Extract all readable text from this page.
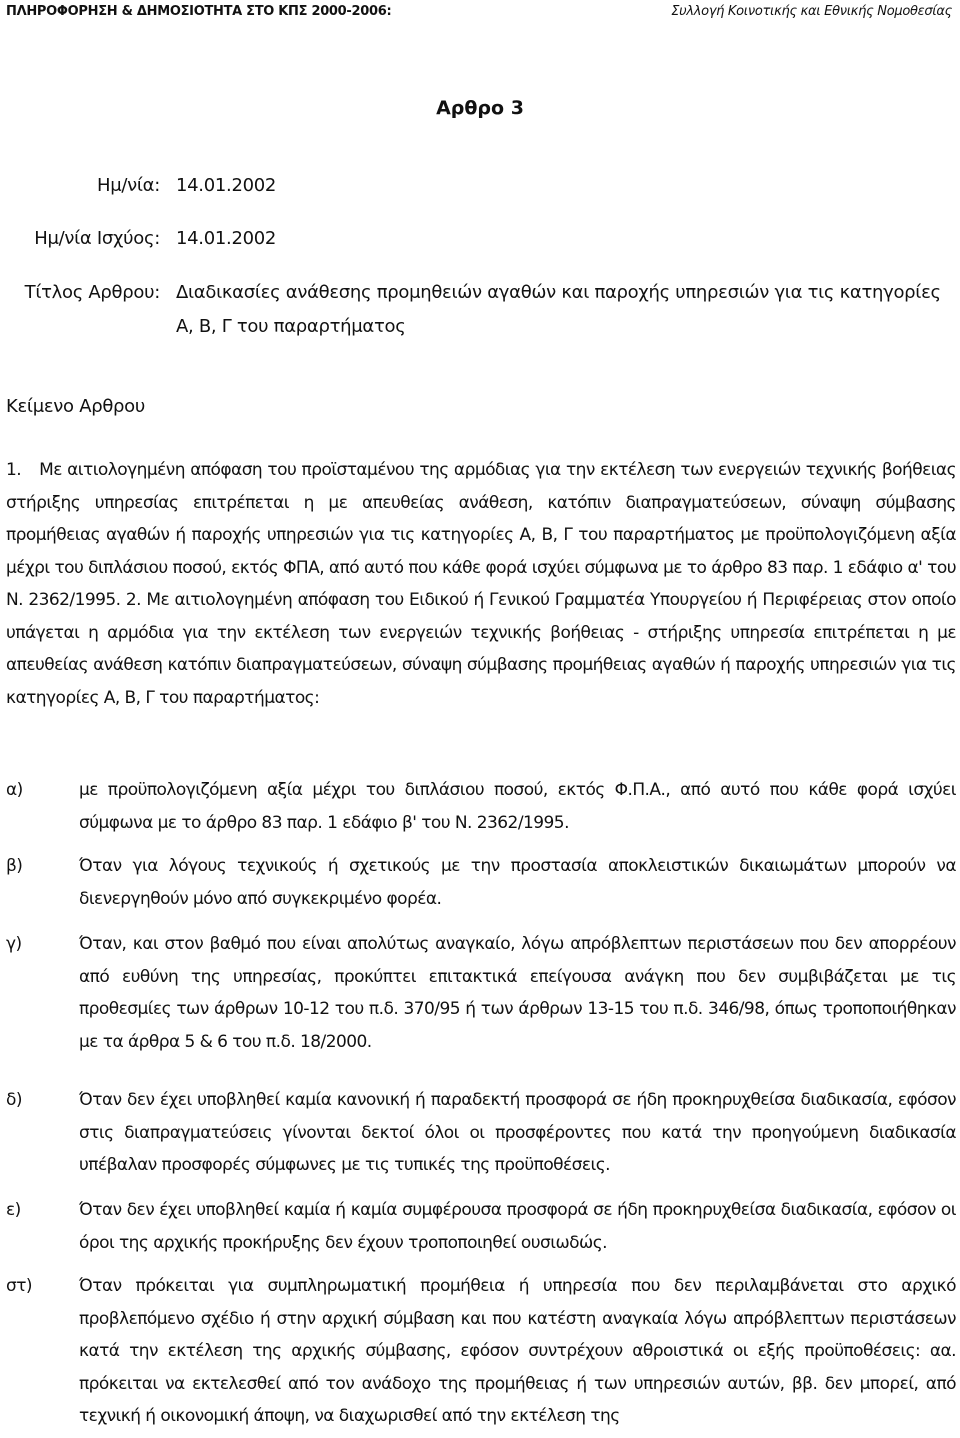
ΠΛΗΡΟΦΟΡΗΣΗ & ΔΗΜΟΣΙΟΤΗΤΑ ΣΤΟ ΚΠΣ 2000-2006:	Συλλογή Κοινοτικής και Εθνικής Νομοθεσίας
Αρθρο 3
Ημ/νία: 14.01.2002
Ημ/νία Ισχύος: 14.01.2002
Τίτλος Αρθρου: Διαδικασίες ανάθεσης προμηθειών αγαθών και παροχής υπηρεσιών για τις κατηγορίες Α, Β, Γ του παραρτήματος
Κείμενο Αρθρου
1. Με αιτιολογημένη απόφαση του προϊσταμένου της αρμόδιας για την εκτέλεση των ενεργειών τεχνικής βοήθειας στήριξης υπηρεσίας επιτρέπεται η με απευθείας ανάθεση, κατόπιν διαπραγματεύσεων, σύναψη σύμβασης προμήθειας αγαθών ή παροχής υπηρεσιών για τις κατηγορίες Α, Β, Γ του παραρτήματος με προϋπολογιζόμενη αξία μέχρι του διπλάσιου ποσού, εκτός ΦΠΑ, από αυτό που κάθε φορά ισχύει σύμφωνα με το άρθρο 83 παρ. 1 εδάφιο α' του Ν. 2362/1995. 2. Με αιτιολογημένη απόφαση του Ειδικού ή Γενικού Γραμματέα Υπουργείου ή Περιφέρειας στον οποίο υπάγεται η αρμόδια για την εκτέλεση των ενεργειών τεχνικής βοήθειας - στήριξης υπηρεσία επιτρέπεται η με απευθείας ανάθεση κατόπιν διαπραγματεύσεων, σύναψη σύμβασης προμήθειας αγαθών ή παροχής υπηρεσιών για τις κατηγορίες Α, Β, Γ του παραρτήματος:
α)	με προϋπολογιζόμενη αξία μέχρι του διπλάσιου ποσού, εκτός Φ.Π.Α., από αυτό που κάθε φορά ισχύει σύμφωνα με το άρθρο 83 παρ. 1 εδάφιο β' του Ν. 2362/1995.
β)	Όταν για λόγους τεχνικούς ή σχετικούς με την προστασία αποκλειστικών δικαιωμάτων μπορούν να διενεργηθούν μόνο από συγκεκριμένο φορέα.
γ)	Όταν, και στον βαθμό που είναι απολύτως αναγκαίο, λόγω απρόβλεπτων περιστάσεων που δεν απορρέουν από ευθύνη της υπηρεσίας, προκύπτει επιτακτικά επείγουσα ανάγκη που δεν συμβιβάζεται με τις προθεσμίες των άρθρων 10-12 του π.δ. 370/95 ή των άρθρων 13-15 του π.δ. 346/98, όπως τροποποιήθηκαν με τα άρθρα 5 & 6 του π.δ. 18/2000.
δ)	Όταν δεν έχει υποβληθεί καμία κανονική ή παραδεκτή προσφορά σε ήδη προκηρυχθείσα διαδικασία, εφόσον στις διαπραγματεύσεις γίνονται δεκτοί όλοι οι προσφέροντες που κατά την προηγούμενη διαδικασία υπέβαλαν προσφορές σύμφωνες με τις τυπικές της προϋποθέσεις.
ε)	Όταν δεν έχει υποβληθεί καμία ή καμία συμφέρουσα προσφορά σε ήδη προκηρυχθείσα διαδικασία, εφόσον οι όροι της αρχικής προκήρυξης δεν έχουν τροποποιηθεί ουσιωδώς.
στ)	Όταν πρόκειται για συμπληρωματική προμήθεια ή υπηρεσία που δεν περιλαμβάνεται στο αρχικό προβλεπόμενο σχέδιο ή στην αρχική σύμβαση και που κατέστη αναγκαία λόγω απρόβλεπτων περιστάσεων κατά την εκτέλεση της αρχικής σύμβασης, εφόσον συντρέχουν αθροιστικά οι εξής προϋποθέσεις: αα. πρόκειται να εκτελεσθεί από τον ανάδοχο της προμήθειας ή των υπηρεσιών αυτών, ββ. δεν μπορεί, από τεχνική ή οικονομική άποψη, να διαχωρισθεί από την εκτέλεση της
